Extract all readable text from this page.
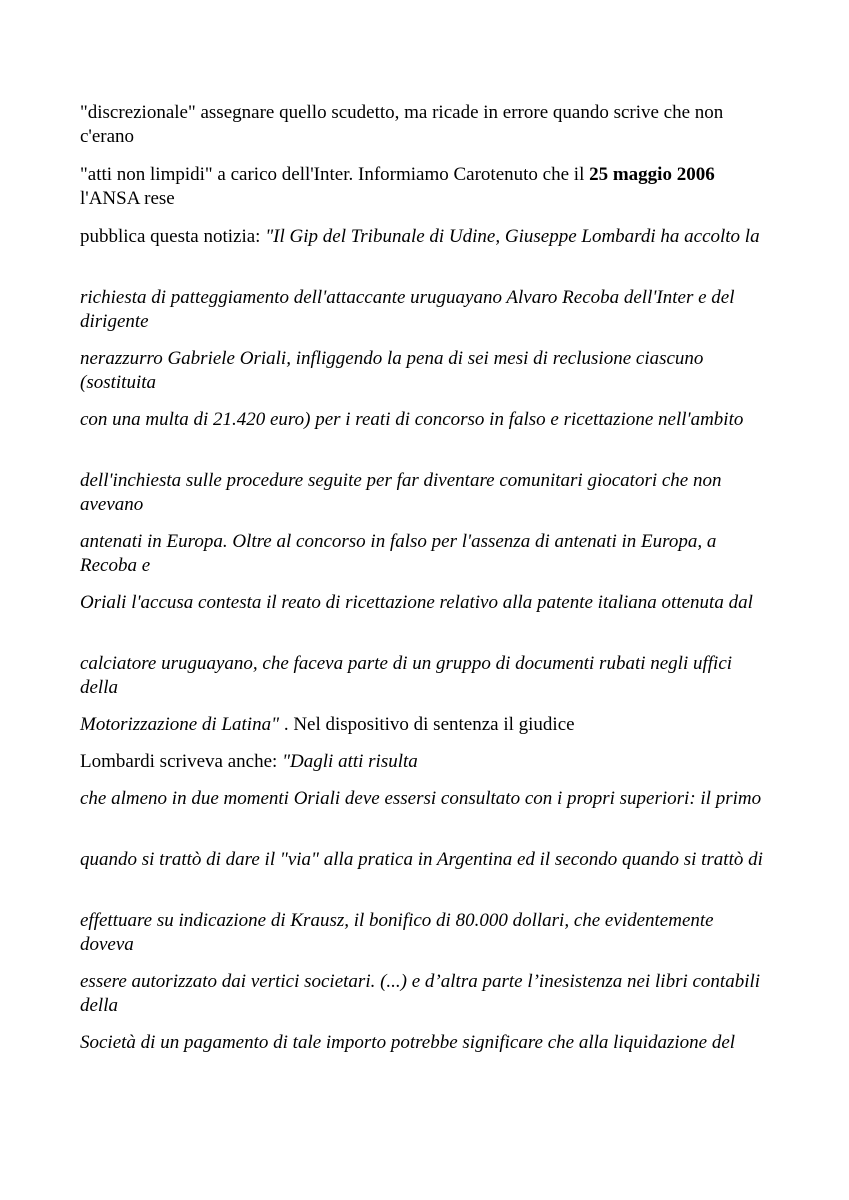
"discrezionale" assegnare quello scudetto, ma ricade in errore quando scrive che non c'erano

"atti non limpidi" a carico dell'Inter. Informiamo Carotenuto che il 25 maggio 2006 l'ANSA rese

pubblica questa notizia: "Il Gip del Tribunale di Udine, Giuseppe Lombardi ha accolto la

richiesta di patteggiamento dell'attaccante uruguayano Alvaro Recoba dell'Inter e del dirigente

nerazzurro Gabriele Oriali, infliggendo la pena di sei mesi di reclusione ciascuno (sostituita

con una multa di 21.420 euro) per i reati di concorso in falso e ricettazione nell'ambito

dell'inchiesta sulle procedure seguite per far diventare comunitari giocatori che non avevano

antenati in Europa. Oltre al concorso in falso per l'assenza di antenati in Europa, a Recoba e

Oriali l'accusa contesta il reato di ricettazione relativo alla patente italiana ottenuta dal

calciatore uruguayano, che faceva parte di un gruppo di documenti rubati negli uffici della

Motorizzazione di Latina" . Nel dispositivo di sentenza il giudice

Lombardi scriveva anche: "Dagli atti risulta

che almeno in due momenti Oriali deve essersi consultato con i propri superiori: il primo

quando si trattò di dare il "via" alla pratica in Argentina ed il secondo quando si trattò di

effettuare su indicazione di Krausz, il bonifico di 80.000 dollari, che evidentemente doveva

essere autorizzato dai vertici societari. (...) e d’altra parte l’inesistenza nei libri contabili della

Società di un pagamento di tale importo potrebbe significare che alla liquidazione del
